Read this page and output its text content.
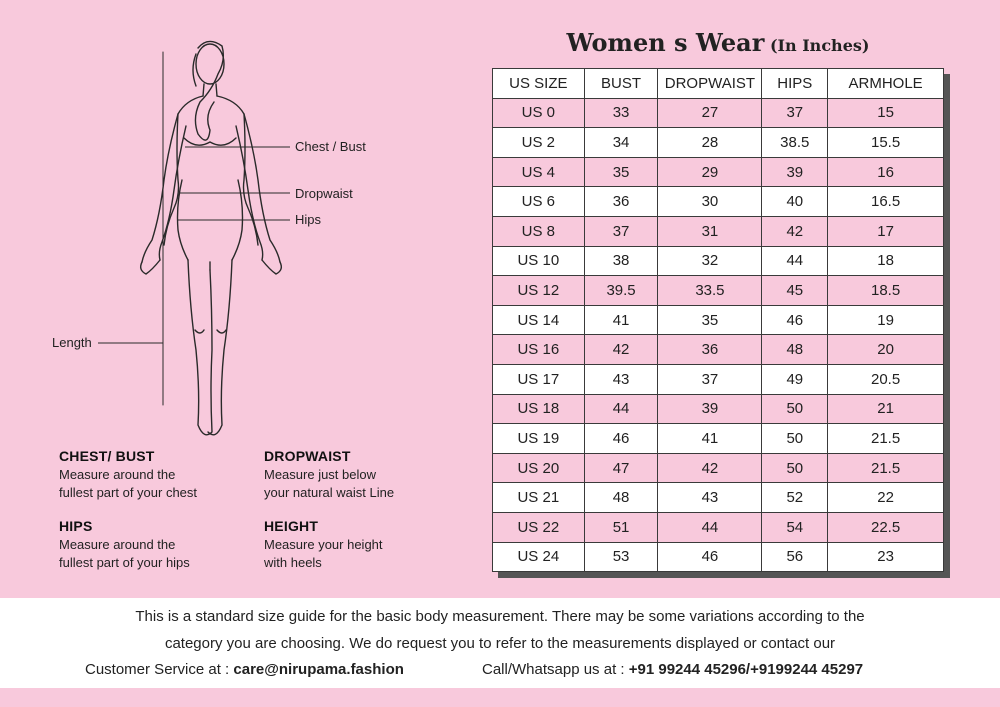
Chest / Bust
Dropwaist
Hips
Length
CHEST/ BUST
Measure around the
fullest part of your chest
DROPWAIST
Measure just below
your natural waist Line
HIPS
Measure around the
fullest part of your hips
HEIGHT
Measure your height
with heels
Women s Wear (In Inches)
US SIZE	BUST	DROPWAIST	HIPS	ARMHOLE
US 0	33	27	37	15
US 2	34	28	38.5	15.5
US 4	35	29	39	16
US 6	36	30	40	16.5
US 8	37	31	42	17
US 10	38	32	44	18
US 12	39.5	33.5	45	18.5
US 14	41	35	46	19
US 16	42	36	48	20
US 17	43	37	49	20.5
US 18	44	39	50	21
US 19	46	41	50	21.5
US 20	47	42	50	21.5
US 21	48	43	52	22
US 22	51	44	54	22.5
US 24	53	46	56	23
This is a standard size guide for the basic body measurement. There may be some variations according to the
category you are choosing. We do request you to refer to the measurements displayed or contact our
Customer Service at : care@nirupama.fashion	Call/Whatsapp us at : +91 99244 45296/+9199244 45297
